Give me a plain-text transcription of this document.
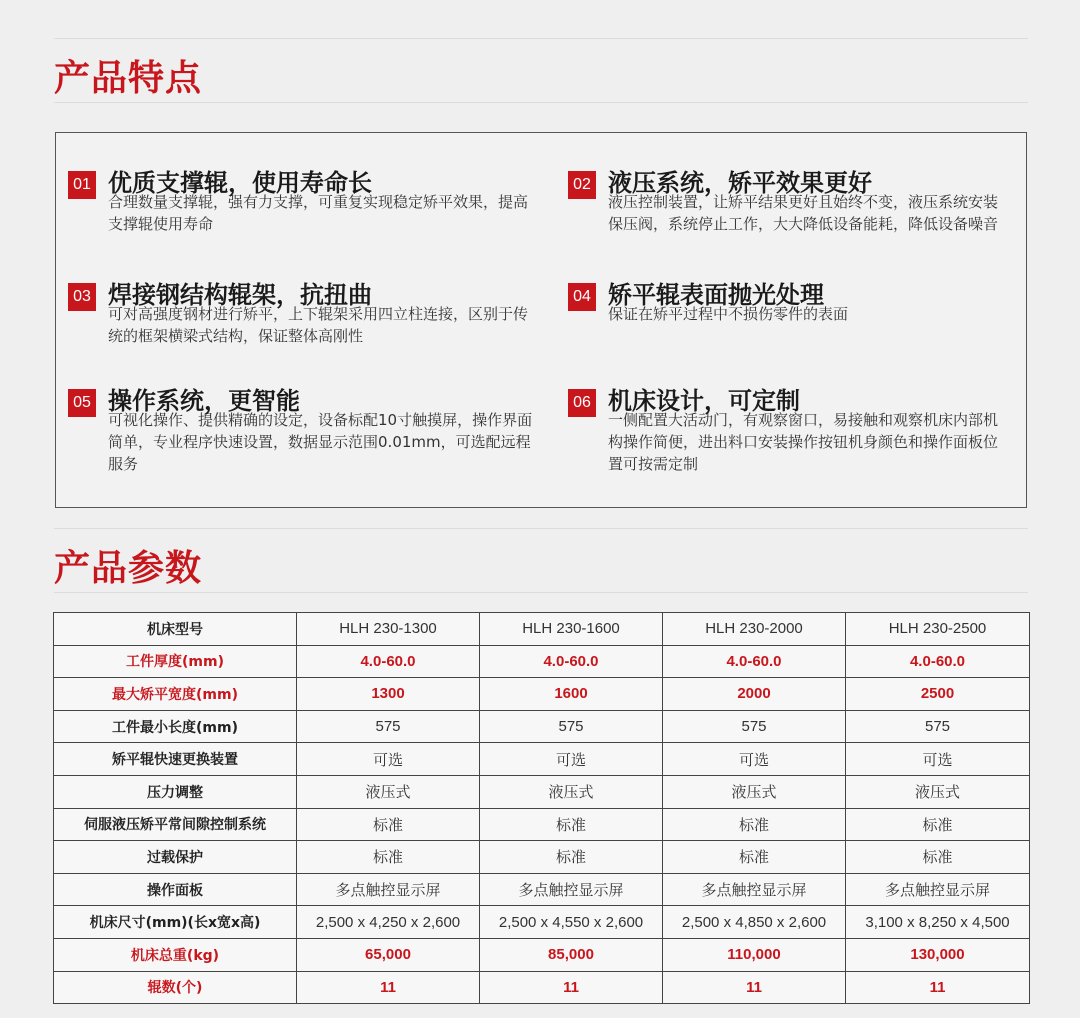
产品特点
01 优质支撑辊，使用寿命长
合理数量支撑辊，强有力支撑，可重复实现稳定矫平效果，提高支撑辊使用寿命
02 液压系统，矫平效果更好
液压控制装置，让矫平结果更好且始终不变，液压系统安装保压阀，系统停止工作，大大降低设备能耗，降低设备噪音
03 焊接钢结构辊架，抗扭曲
可对高强度钢材进行矫平，上下辊架采用四立柱连接，区别于传统的框架横梁式结构，保证整体高刚性
04 矫平辊表面抛光处理
保证在矫平过程中不损伤零件的表面
05 操作系统，更智能
可视化操作、提供精确的设定，设备标配10寸触摸屏，操作界面简单，专业程序快速设置，数据显示范围0.01mm，可选配远程服务
06 机床设计，可定制
一侧配置大活动门，有观察窗口，易接触和观察机床内部机构操作简便，进出料口安装操作按钮机身颜色和操作面板位置可按需定制
产品参数
机床型号	HLH 230-1300	HLH 230-1600	HLH 230-2000	HLH 230-2500
工件厚度(mm)	4.0-60.0	4.0-60.0	4.0-60.0	4.0-60.0
最大矫平宽度(mm)	1300	1600	2000	2500
工件最小长度(mm)	575	575	575	575
矫平辊快速更换装置	可选	可选	可选	可选
压力调整	液压式	液压式	液压式	液压式
伺服液压矫平常间隙控制系统	标准	标准	标准	标准
过载保护	标准	标准	标准	标准
操作面板	多点触控显示屏	多点触控显示屏	多点触控显示屏	多点触控显示屏
机床尺寸(mm)(长x宽x高)	2,500 x 4,250 x 2,600	2,500 x 4,550 x 2,600	2,500 x 4,850 x 2,600	3,100 x 8,250 x 4,500
机床总重(kg)	65,000	85,000	110,000	130,000
辊数(个)	11	11	11	11
